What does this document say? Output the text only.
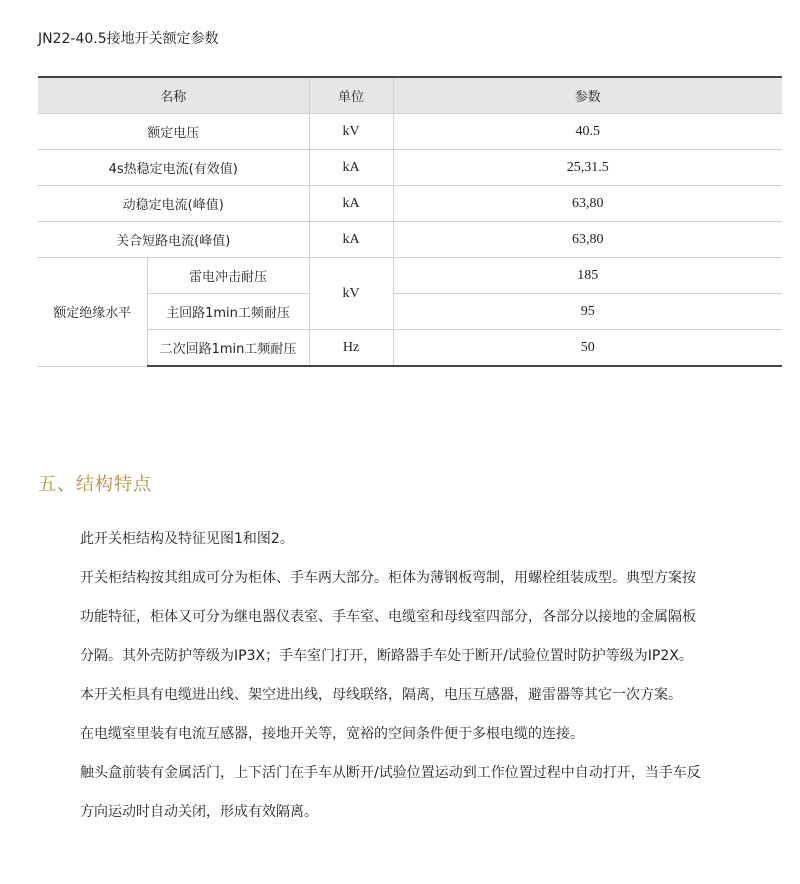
JN22-40.5接地开关额定参数
名称		单位	参数
额定电压		kV	40.5
4s热稳定电流(有效值)		kA	25,31.5
动稳定电流(峰值)		kA	63,80
关合短路电流(峰值)		kA	63,80
额定绝缘水平	雷电冲击耐压	kV	185
	主回路1min工频耐压		95
	二次回路1min工频耐压	Hz	50
五、结构特点

此开关柜结构及特征见图1和图2。

开关柜结构按其组成可分为柜体、手车两大部分。柜体为薄钢板弯制，用螺栓组装成型。典型方案按

功能特征，柜体又可分为继电器仪表室、手车室、电缆室和母线室四部分，各部分以接地的金属隔板

分隔。其外壳防护等级为IP3X；手车室门打开，断路器手车处于断开/试验位置时防护等级为IP2X。

本开关柜具有电缆进出线、架空进出线，母线联络，隔离，电压互感器，避雷器等其它一次方案。

在电缆室里装有电流互感器，接地开关等，宽裕的空间条件便于多根电缆的连接。

触头盒前装有金属活门，上下活门在手车从断开/试验位置运动到工作位置过程中自动打开，当手车反

方向运动时自动关闭，形成有效隔离。
